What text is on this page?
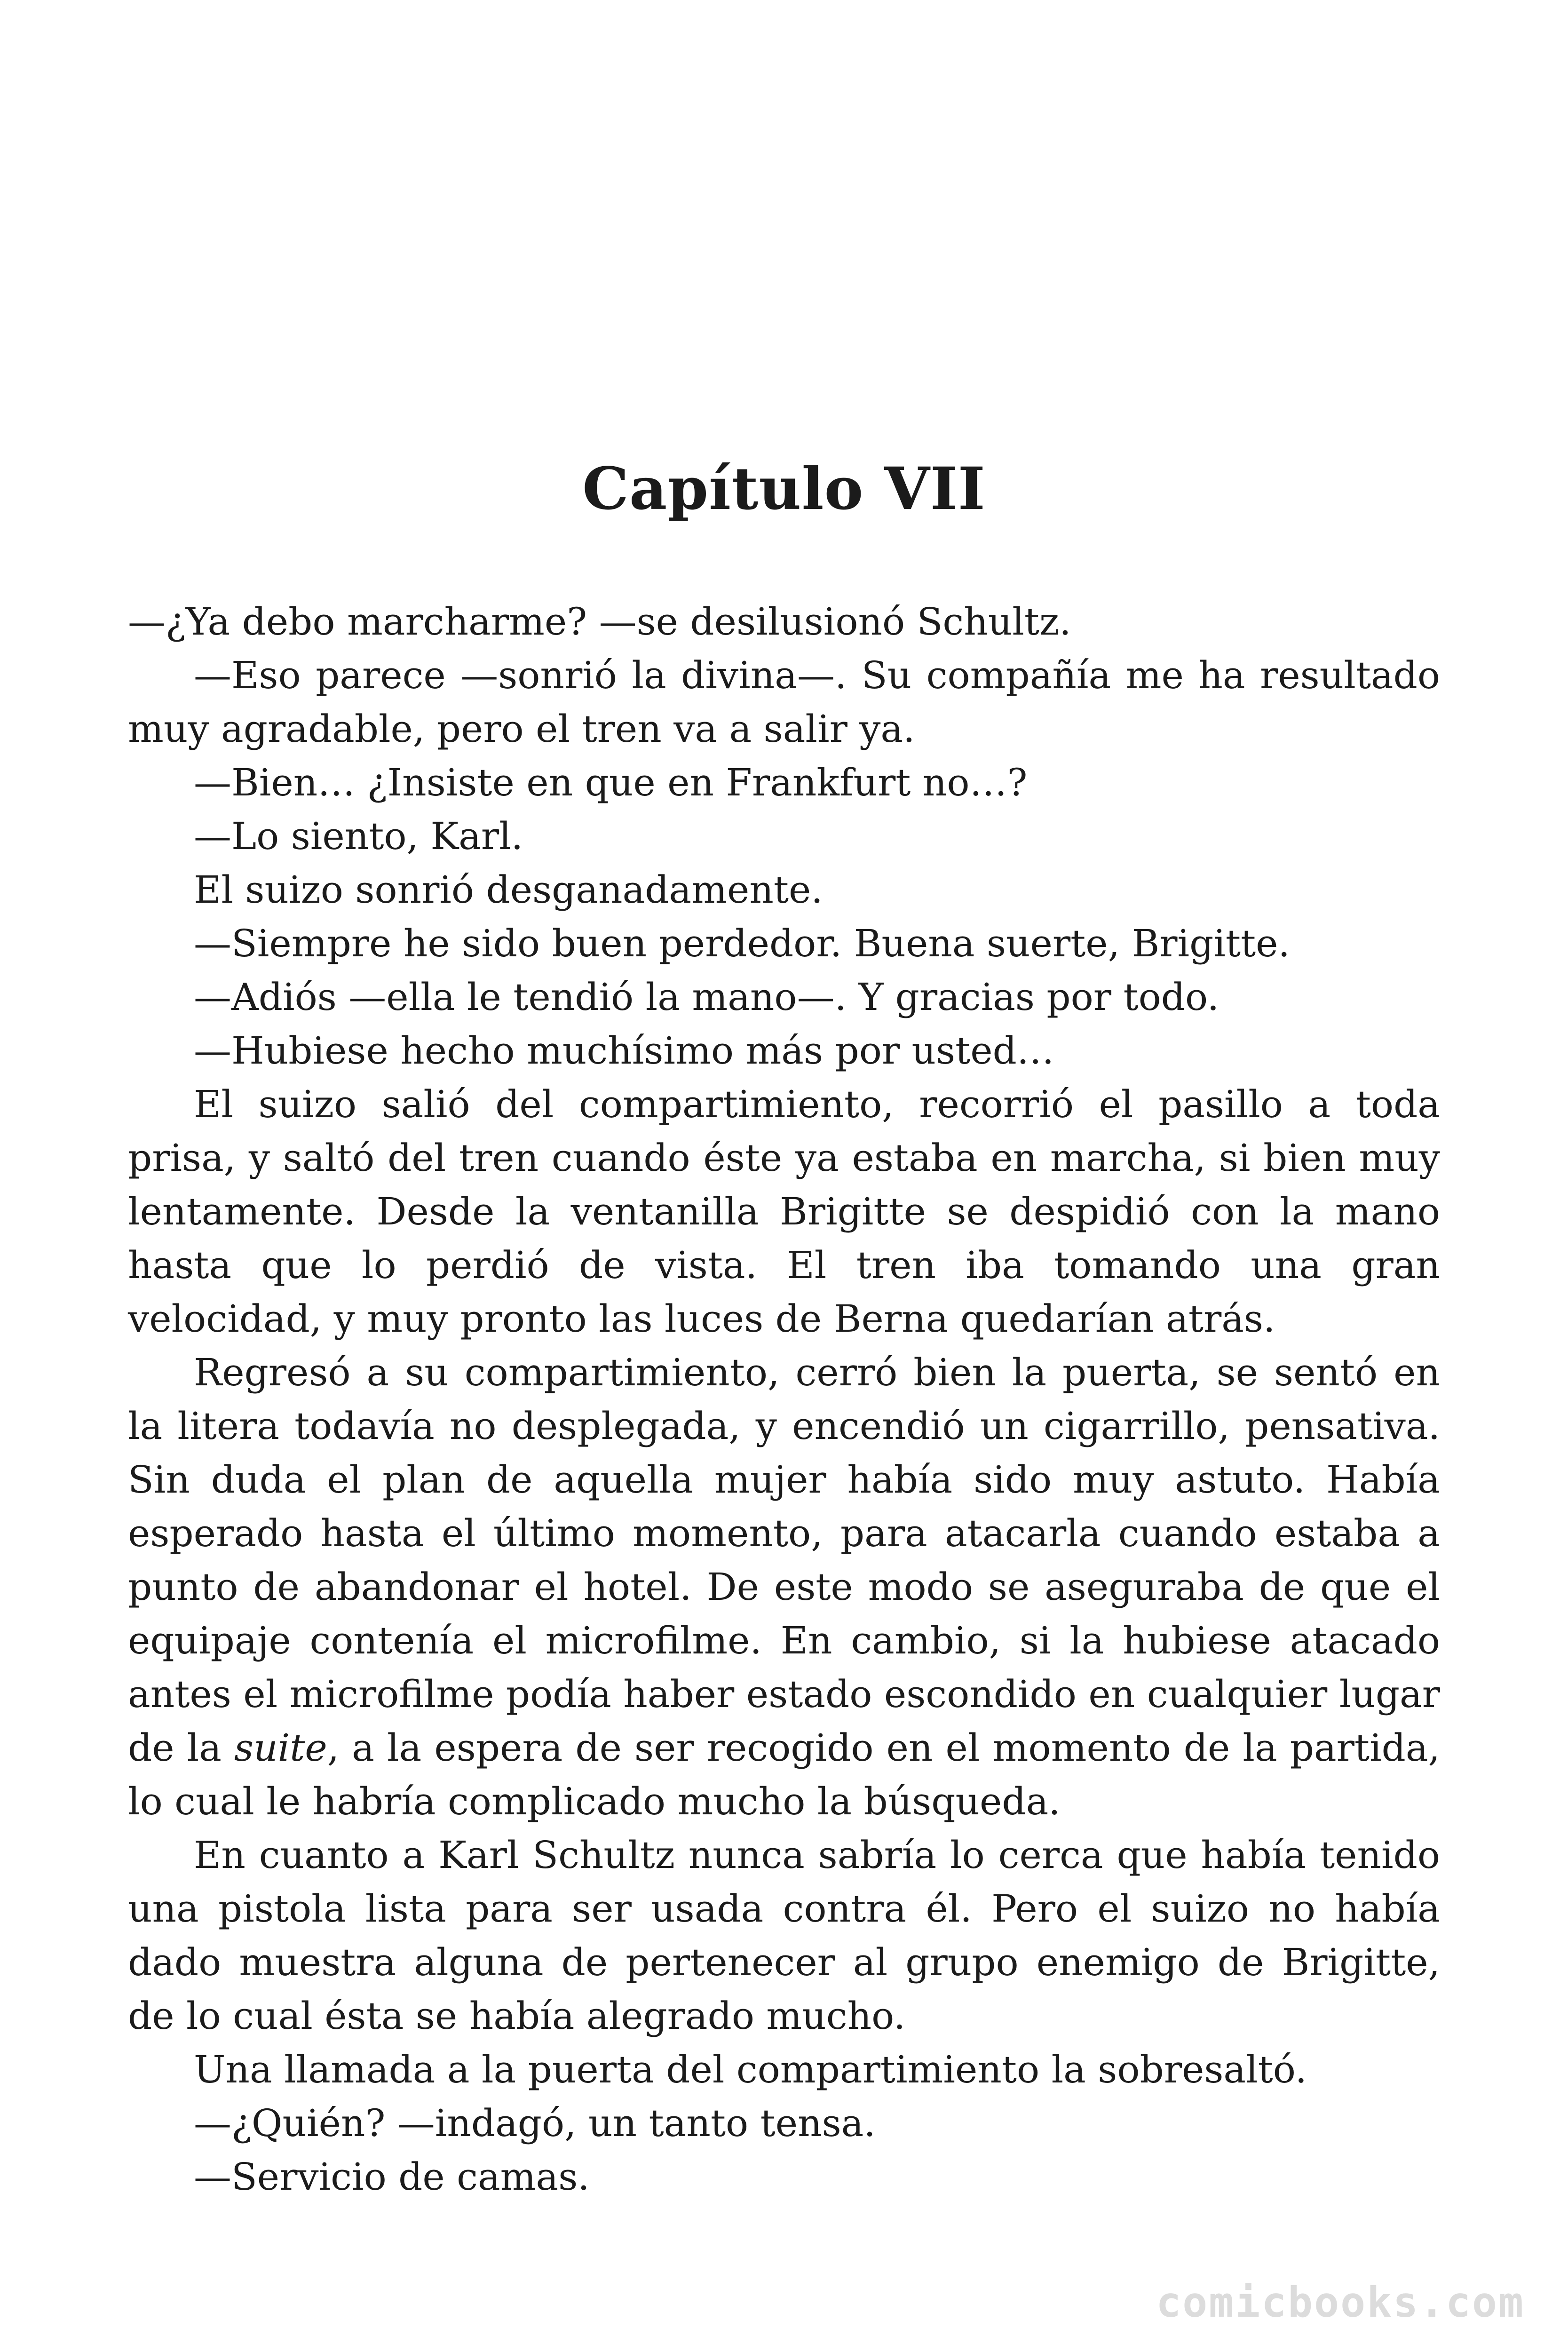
Capítulo VII

—¿Ya debo marcharme? —se desilusionó Schultz.

—Eso parece —sonrió la divina—. Su compañía me ha resultado muy agradable, pero el tren va a salir ya.

—Bien… ¿Insiste en que en Frankfurt no…?

—Lo siento, Karl.

El suizo sonrió desganadamente.

—Siempre he sido buen perdedor. Buena suerte, Brigitte.

—Adiós —ella le tendió la mano—. Y gracias por todo.

—Hubiese hecho muchísimo más por usted…

El suizo salió del compartimiento, recorrió el pasillo a toda prisa, y saltó del tren cuando éste ya estaba en marcha, si bien muy lentamente. Desde la ventanilla Brigitte se despidió con la mano hasta que lo perdió de vista. El tren iba tomando una gran velocidad, y muy pronto las luces de Berna quedarían atrás.

Regresó a su compartimiento, cerró bien la puerta, se sentó en la litera todavía no desplegada, y encendió un cigarrillo, pensativa. Sin duda el plan de aquella mujer había sido muy astuto. Había esperado hasta el último momento, para atacarla cuando estaba a punto de abandonar el hotel. De este modo se aseguraba de que el equipaje contenía el microfilme. En cambio, si la hubiese atacado antes el microfilme podía haber estado escondido en cualquier lugar de la suite, a la espera de ser recogido en el momento de la partida, lo cual le habría complicado mucho la búsqueda.

En cuanto a Karl Schultz nunca sabría lo cerca que había tenido una pistola lista para ser usada contra él. Pero el suizo no había dado muestra alguna de pertenecer al grupo enemigo de Brigitte, de lo cual ésta se había alegrado mucho.

Una llamada a la puerta del compartimiento la sobresaltó.

—¿Quién? —indagó, un tanto tensa.

—Servicio de camas.

comicbooks.com
